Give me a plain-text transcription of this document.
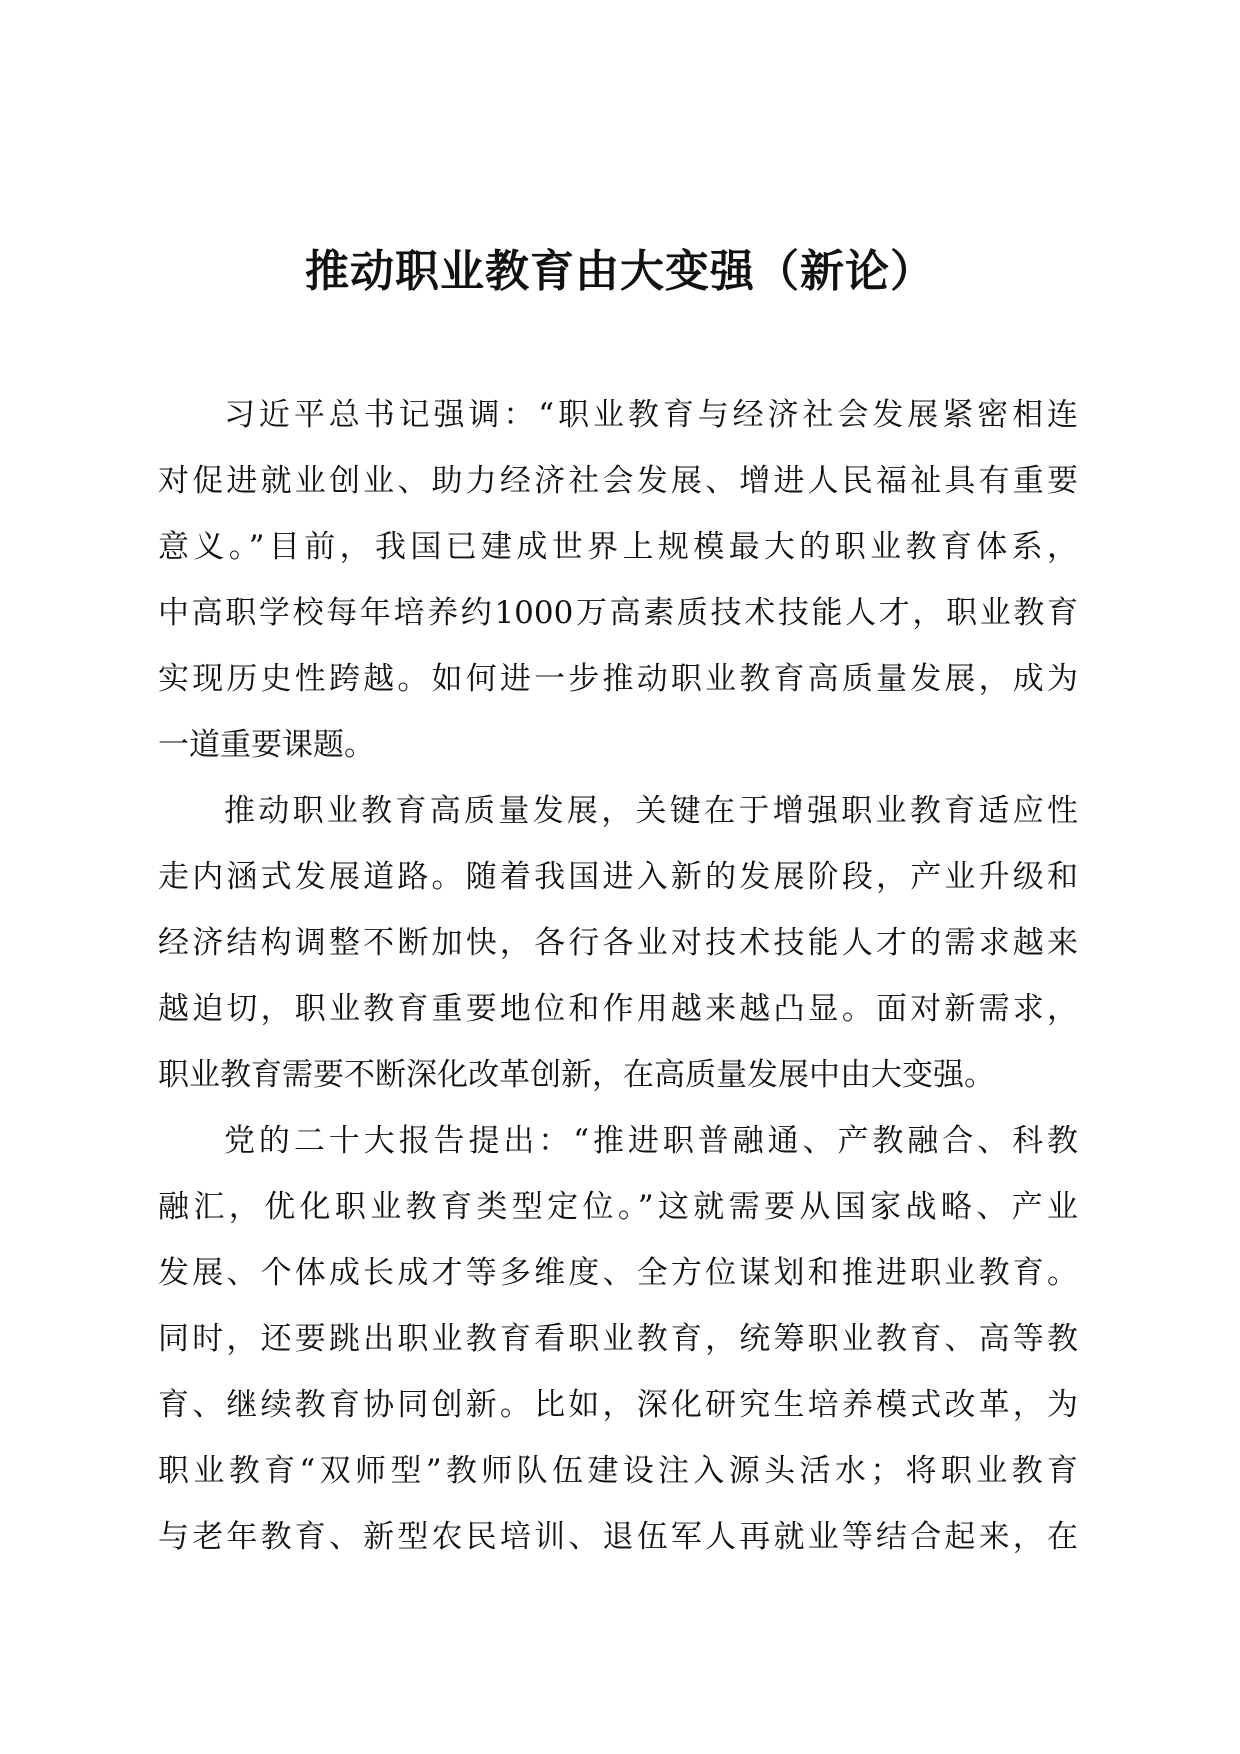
推动职业教育由大变强（新论）
习近平总书记强调：“职业教育与经济社会发展紧密相连
对促进就业创业、助力经济社会发展、增进人民福祉具有重要
意义。”目前，我国已建成世界上规模最大的职业教育体系，
中高职学校每年培养约1000万高素质技术技能人才，职业教育
实现历史性跨越。如何进一步推动职业教育高质量发展，成为
一道重要课题。
推动职业教育高质量发展，关键在于增强职业教育适应性
走内涵式发展道路。随着我国进入新的发展阶段，产业升级和
经济结构调整不断加快，各行各业对技术技能人才的需求越来
越迫切，职业教育重要地位和作用越来越凸显。面对新需求，
职业教育需要不断深化改革创新，在高质量发展中由大变强。
党的二十大报告提出：“推进职普融通、产教融合、科教
融汇，优化职业教育类型定位。”这就需要从国家战略、产业
发展、个体成长成才等多维度、全方位谋划和推进职业教育。
同时，还要跳出职业教育看职业教育，统筹职业教育、高等教
育、继续教育协同创新。比如，深化研究生培养模式改革，为
职业教育“双师型”教师队伍建设注入源头活水；将职业教育
与老年教育、新型农民培训、退伍军人再就业等结合起来，在
